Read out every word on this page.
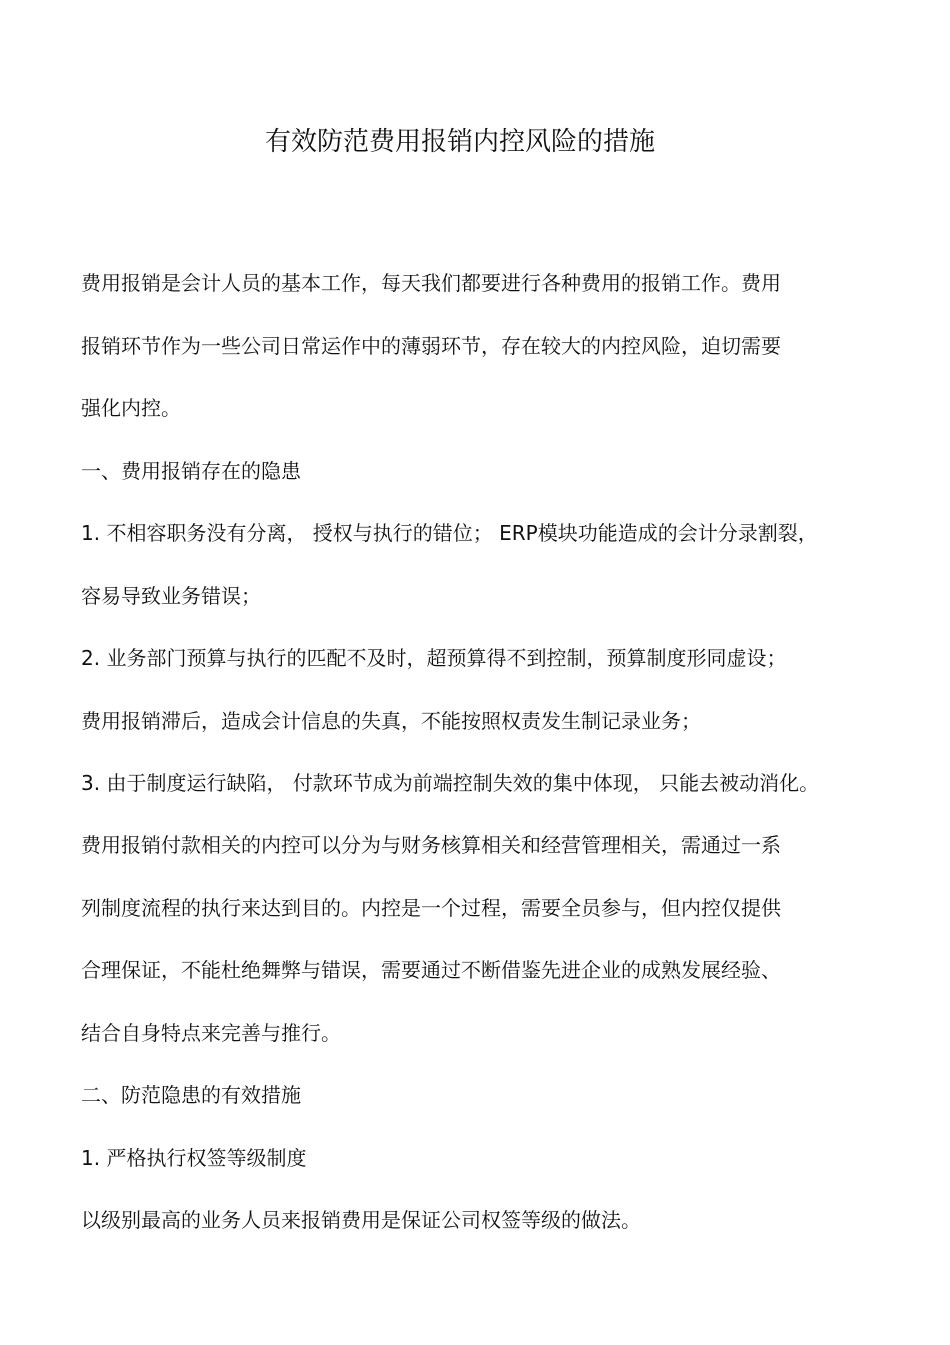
有效防范费用报销内控风险的措施
费用报销是会计人员的基本工作，每天我们都要进行各种费用的报销工作。费用
报销环节作为一些公司日常运作中的薄弱环节，存在较大的内控风险，迫切需要
强化内控。
一、费用报销存在的隐患
1. 不相容职务没有分离， 授权与执行的错位； ERP模块功能造成的会计分录割裂，
容易导致业务错误；
2. 业务部门预算与执行的匹配不及时，超预算得不到控制，预算制度形同虚设；
费用报销滞后，造成会计信息的失真，不能按照权责发生制记录业务；
3. 由于制度运行缺陷， 付款环节成为前端控制失效的集中体现， 只能去被动消化。
费用报销付款相关的内控可以分为与财务核算相关和经营管理相关，需通过一系
列制度流程的执行来达到目的。内控是一个过程，需要全员参与，但内控仅提供
合理保证，不能杜绝舞弊与错误，需要通过不断借鉴先进企业的成熟发展经验、
结合自身特点来完善与推行。
二、防范隐患的有效措施
1. 严格执行权签等级制度
以级别最高的业务人员来报销费用是保证公司权签等级的做法。
